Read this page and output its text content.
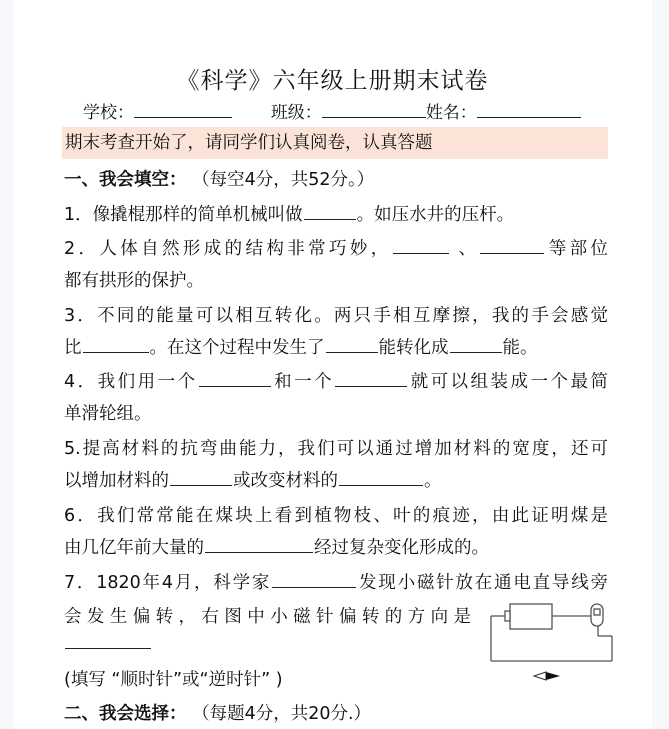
《科学》六年级上册期末试卷
学校：	班级：	姓名：
期末考查开始了，请同学们认真阅卷，认真答题
一、我会填空： （每空4分，共52分。）
1．像撬棍那样的简单机械叫做	。如压水井的压杆。
2．人体自然形成的结构非常巧妙，	、	等部位
都有拱形的保护。
3．不同的能量可以相互转化。两只手相互摩擦，我的手会感觉
比	。在这个过程中发生了	能转化成	能。
4．我们用一个	和一个	就可以组装成一个最简
单滑轮组。
5.提高材料的抗弯曲能力，我们可以通过增加材料的宽度，还可
以增加材料的	或改变材料的	。
6．我们常常能在煤块上看到植物枝、叶的痕迹，由此证明煤是
由几亿年前大量的	经过复杂变化形成的。
7．1820年4月，科学家	发现小磁针放在通电直导线旁
会发生偏转，右图中小磁针偏转的方向是
(填写 “顺时针”或“逆时针” )
二、我会选择： （每题4分，共20分.）
